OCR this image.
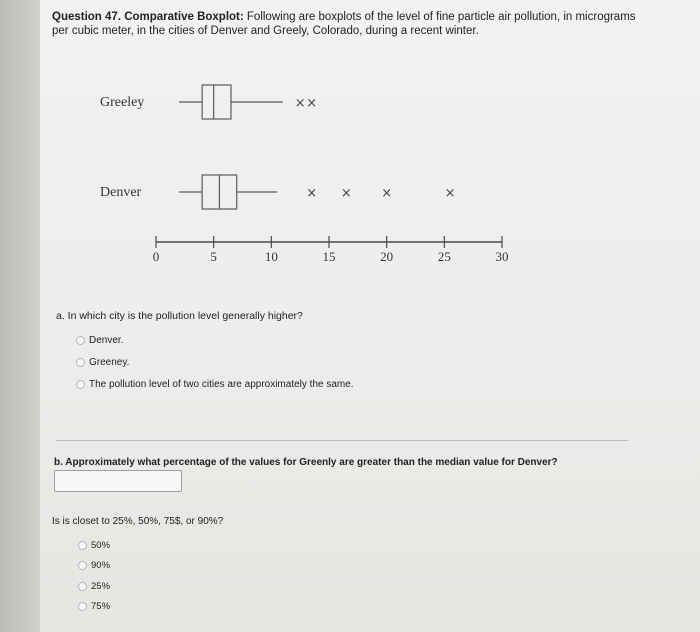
Question 47. Comparative Boxplot: Following are boxplots of the level of fine particle air pollution, in micrograms per cubic meter, in the cities of Denver and Greely, Colorado, during a recent winter.
Greeley	× ×
Denver	× × ×	×
0	5	10	15	20	25	30
a. In which city is the pollution level generally higher?
Denver.
Greeney.
The pollution level of two cities are approximately the same.
b. Approximately what percentage of the values for Greenly are greater than the median value for Denver?
Is is closet to 25%, 50%, 75$, or 90%?
50%
90%
25%
75%
